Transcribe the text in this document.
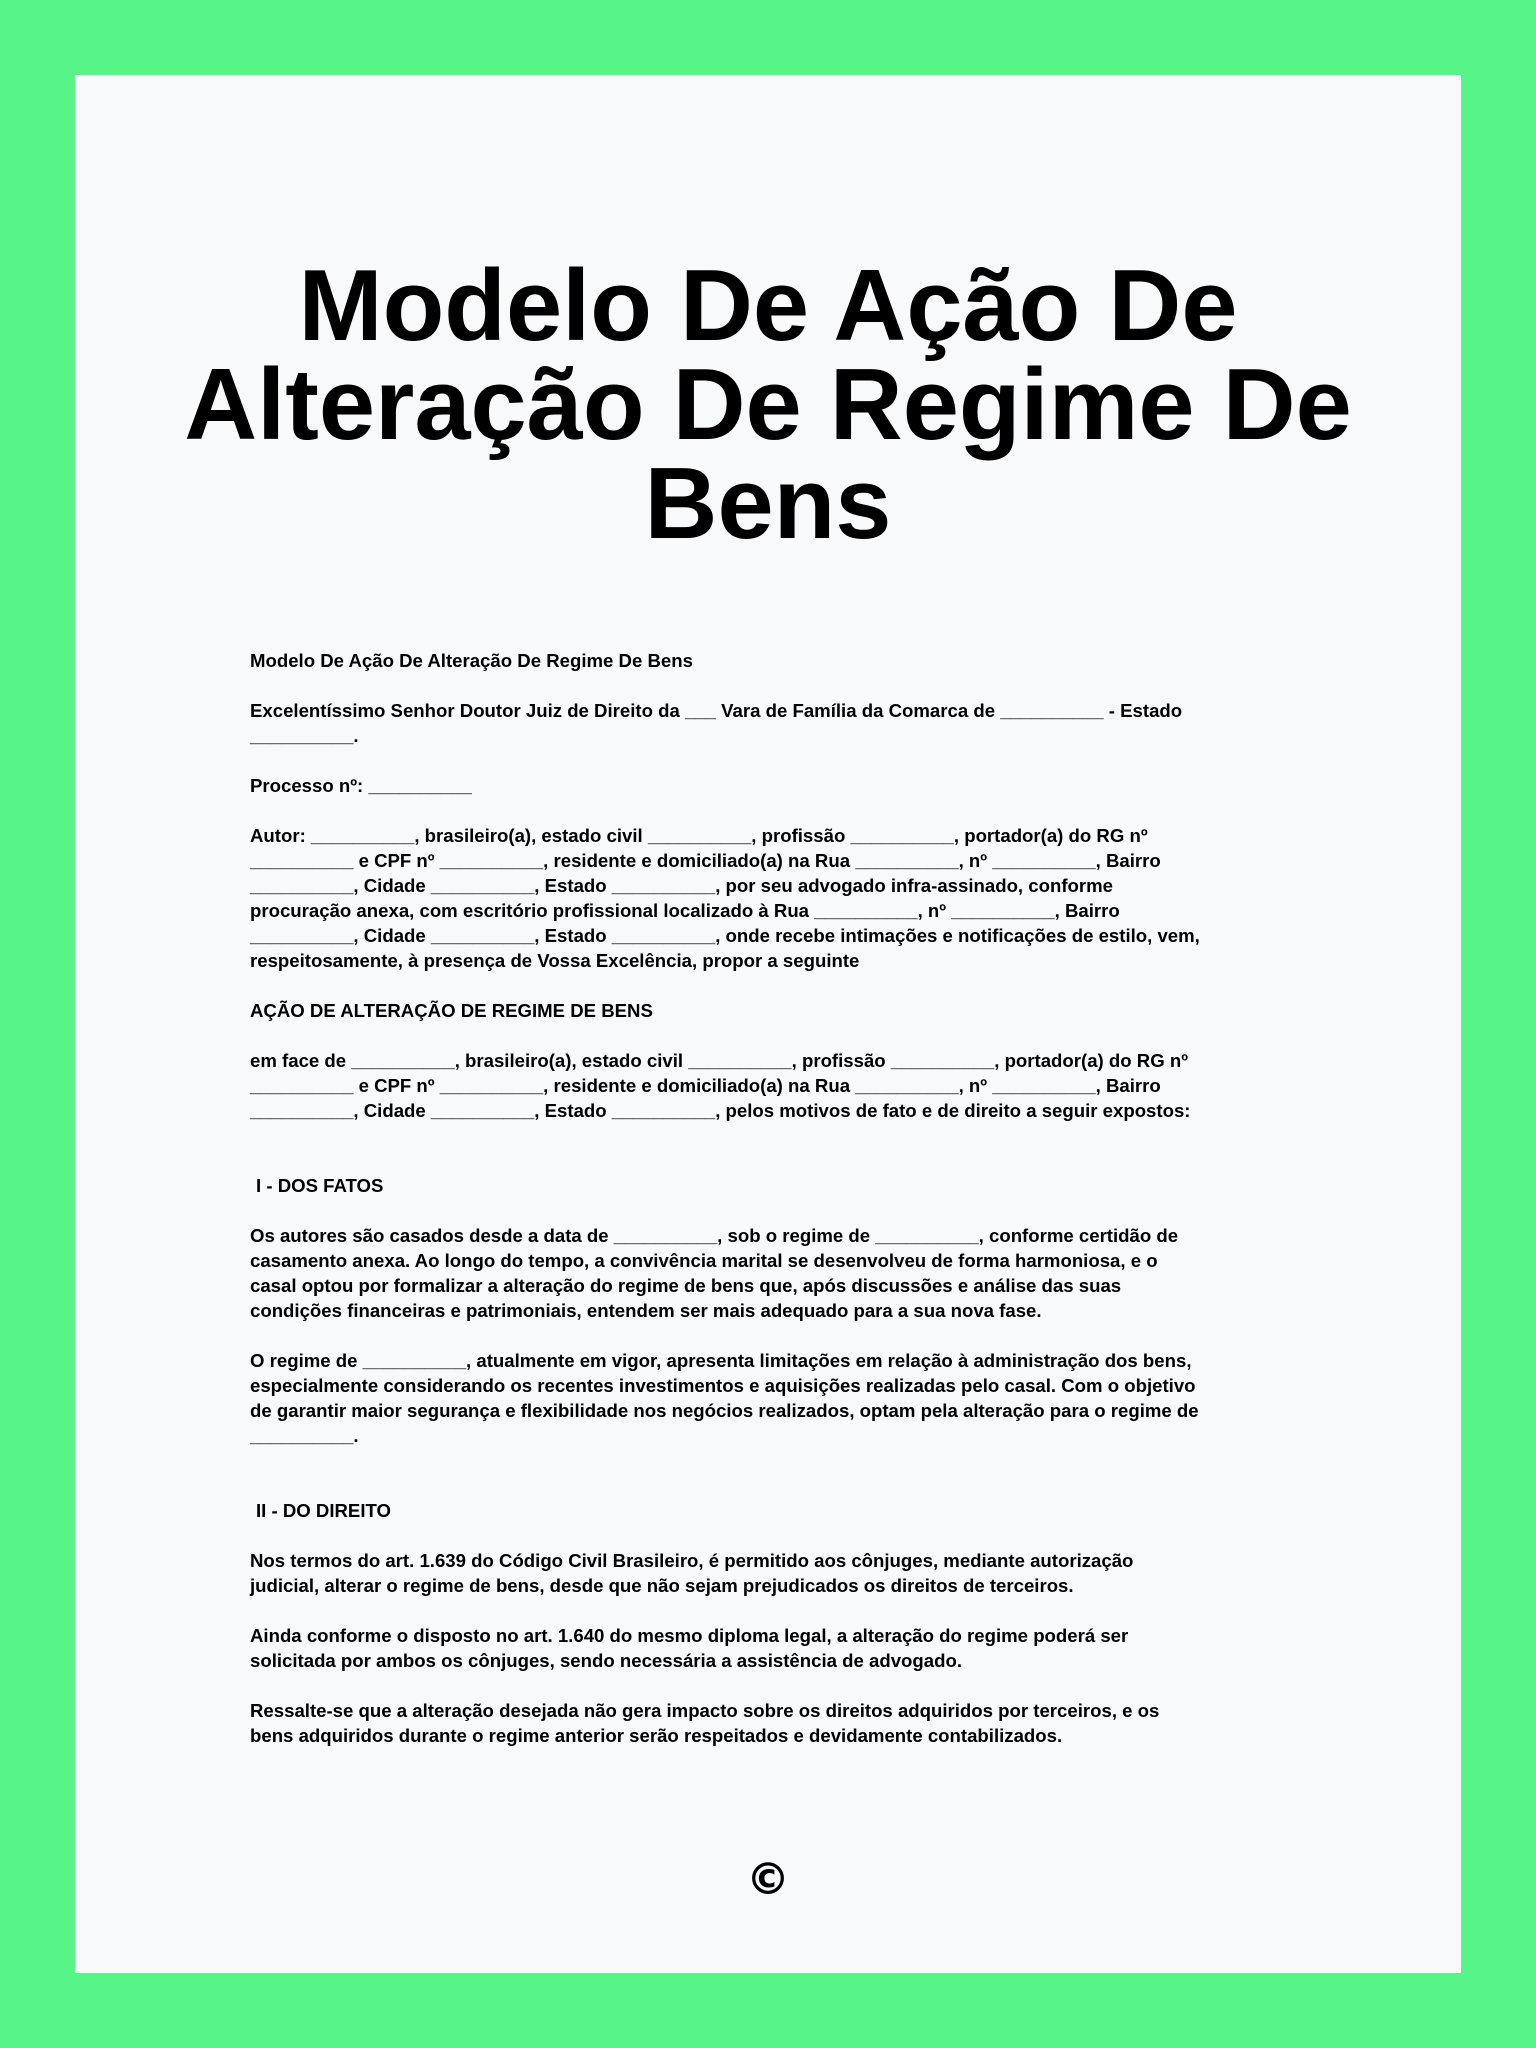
Modelo De Ação De Alteração De Regime De Bens

Modelo De Ação De Alteração De Regime De Bens

Excelentíssimo Senhor Doutor Juiz de Direito da ___ Vara de Família da Comarca de __________ - Estado
__________.

Processo nº: __________

Autor: __________, brasileiro(a), estado civil __________, profissão __________, portador(a) do RG nº
__________ e CPF nº __________, residente e domiciliado(a) na Rua __________, nº __________, Bairro
__________, Cidade __________, Estado __________, por seu advogado infra-assinado, conforme
procuração anexa, com escritório profissional localizado à Rua __________, nº __________, Bairro
__________, Cidade __________, Estado __________, onde recebe intimações e notificações de estilo, vem,
respeitosamente, à presença de Vossa Excelência, propor a seguinte

AÇÃO DE ALTERAÇÃO DE REGIME DE BENS

em face de __________, brasileiro(a), estado civil __________, profissão __________, portador(a) do RG nº
__________ e CPF nº __________, residente e domiciliado(a) na Rua __________, nº __________, Bairro
__________, Cidade __________, Estado __________, pelos motivos de fato e de direito a seguir expostos:

I - DOS FATOS

Os autores são casados desde a data de __________, sob o regime de __________, conforme certidão de
casamento anexa. Ao longo do tempo, a convivência marital se desenvolveu de forma harmoniosa, e o
casal optou por formalizar a alteração do regime de bens que, após discussões e análise das suas
condições financeiras e patrimoniais, entendem ser mais adequado para a sua nova fase.

O regime de __________, atualmente em vigor, apresenta limitações em relação à administração dos bens,
especialmente considerando os recentes investimentos e aquisições realizadas pelo casal. Com o objetivo
de garantir maior segurança e flexibilidade nos negócios realizados, optam pela alteração para o regime de
__________.

II - DO DIREITO

Nos termos do art. 1.639 do Código Civil Brasileiro, é permitido aos cônjuges, mediante autorização
judicial, alterar o regime de bens, desde que não sejam prejudicados os direitos de terceiros.

Ainda conforme o disposto no art. 1.640 do mesmo diploma legal, a alteração do regime poderá ser
solicitada por ambos os cônjuges, sendo necessária a assistência de advogado.

Ressalte-se que a alteração desejada não gera impacto sobre os direitos adquiridos por terceiros, e os
bens adquiridos durante o regime anterior serão respeitados e devidamente contabilizados.

©
